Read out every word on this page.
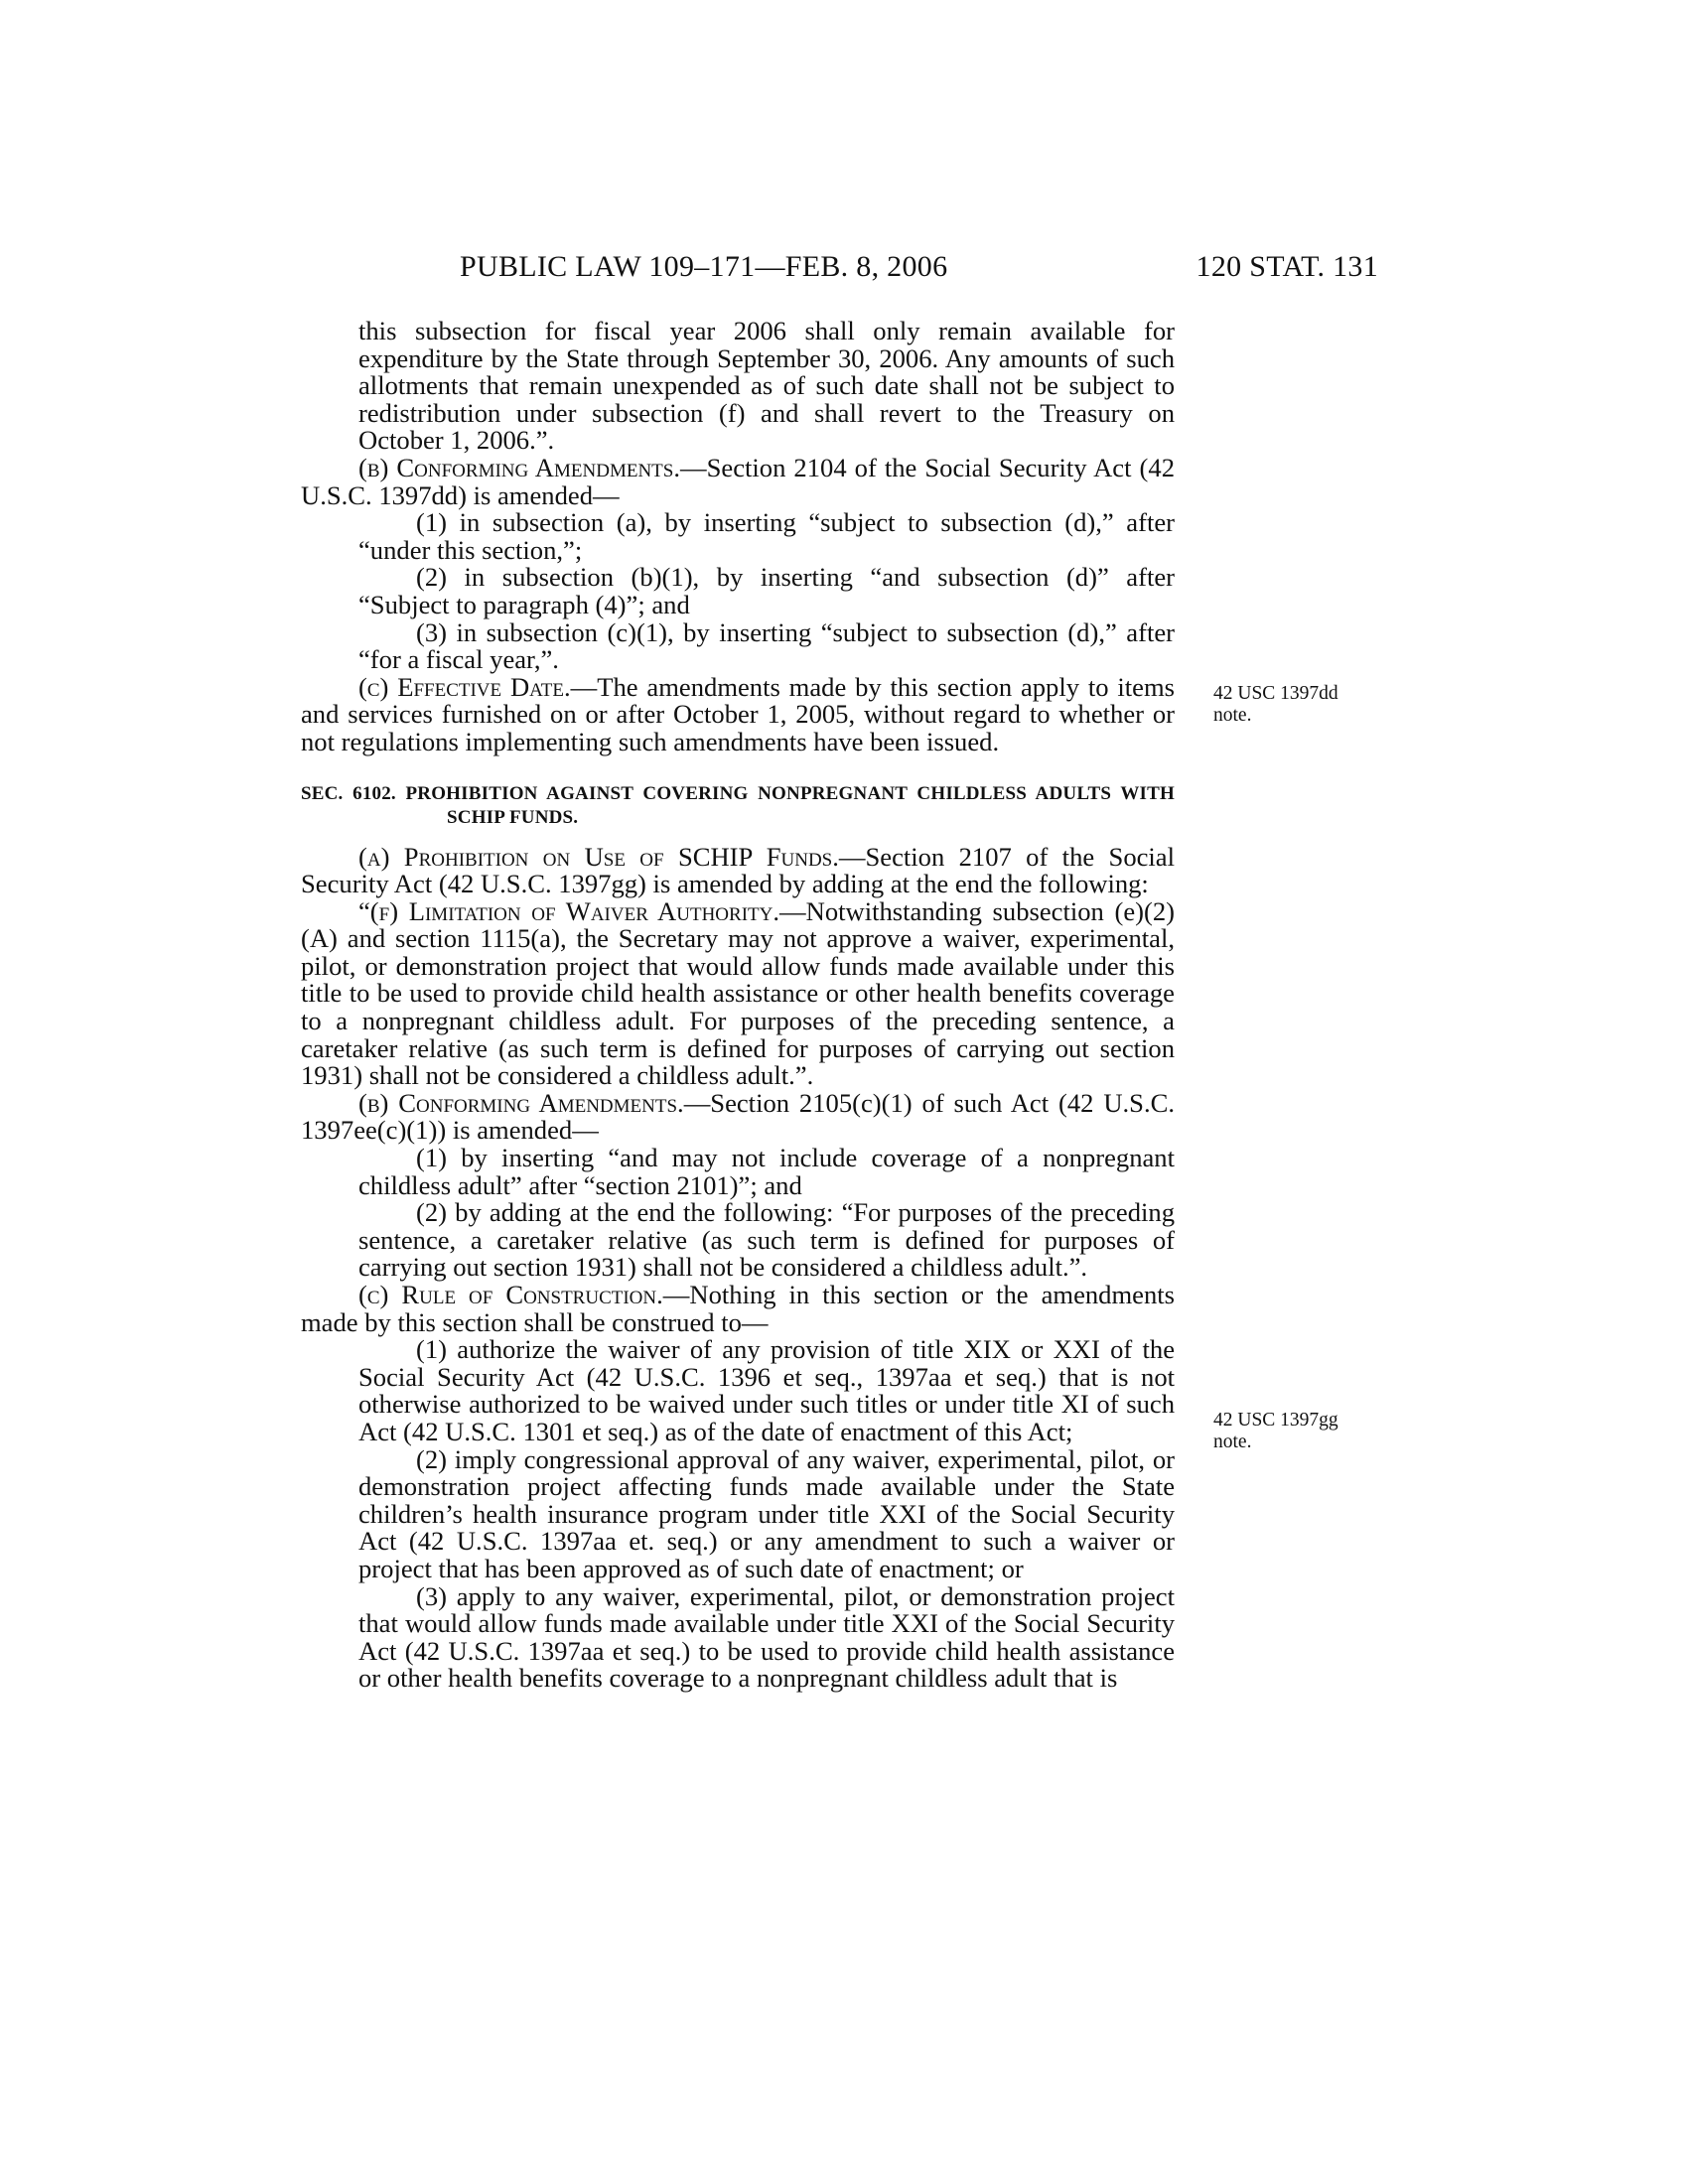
PUBLIC LAW 109–171—FEB. 8, 2006	120 STAT. 131
42 USC 1397dd
note.
42 USC 1397gg
note.

this subsection for fiscal year 2006 shall only remain available for expenditure by the State through September 30, 2006. Any amounts of such allotments that remain unexpended as of such date shall not be subject to redistribution under subsection (f) and shall revert to the Treasury on October 1, 2006.”.

(b) Conforming Amendments.—Section 2104 of the Social Security Act (42 U.S.C. 1397dd) is amended—

(1) in subsection (a), by inserting “subject to subsection (d),” after “under this section,”;

(2) in subsection (b)(1), by inserting “and subsection (d)” after “Subject to paragraph (4)”; and

(3) in subsection (c)(1), by inserting “subject to subsection (d),” after “for a fiscal year,”.

(c) Effective Date.—The amendments made by this section apply to items and services furnished on or after October 1, 2005, without regard to whether or not regulations implementing such amendments have been issued.

SEC. 6102. PROHIBITION AGAINST COVERING NONPREGNANT CHILDLESS ADULTS WITH SCHIP FUNDS.

(a) Prohibition on Use of SCHIP Funds.—Section 2107 of the Social Security Act (42 U.S.C. 1397gg) is amended by adding at the end the following:

“(f) Limitation of Waiver Authority.—Notwithstanding subsection (e)(2)(A) and section 1115(a), the Secretary may not approve a waiver, experimental, pilot, or demonstration project that would allow funds made available under this title to be used to provide child health assistance or other health benefits coverage to a nonpregnant childless adult. For purposes of the preceding sentence, a caretaker relative (as such term is defined for purposes of carrying out section 1931) shall not be considered a childless adult.”.

(b) Conforming Amendments.—Section 2105(c)(1) of such Act (42 U.S.C. 1397ee(c)(1)) is amended—

(1) by inserting “and may not include coverage of a nonpregnant childless adult” after “section 2101)”; and

(2) by adding at the end the following: “For purposes of the preceding sentence, a caretaker relative (as such term is defined for purposes of carrying out section 1931) shall not be considered a childless adult.”.

(c) Rule of Construction.—Nothing in this section or the amendments made by this section shall be construed to—

(1) authorize the waiver of any provision of title XIX or XXI of the Social Security Act (42 U.S.C. 1396 et seq., 1397aa et seq.) that is not otherwise authorized to be waived under such titles or under title XI of such Act (42 U.S.C. 1301 et seq.) as of the date of enactment of this Act;

(2) imply congressional approval of any waiver, experimental, pilot, or demonstration project affecting funds made available under the State children’s health insurance program under title XXI of the Social Security Act (42 U.S.C. 1397aa et. seq.) or any amendment to such a waiver or project that has been approved as of such date of enactment; or

(3) apply to any waiver, experimental, pilot, or demonstration project that would allow funds made available under title XXI of the Social Security Act (42 U.S.C. 1397aa et seq.) to be used to provide child health assistance or other health benefits coverage to a nonpregnant childless adult that is
